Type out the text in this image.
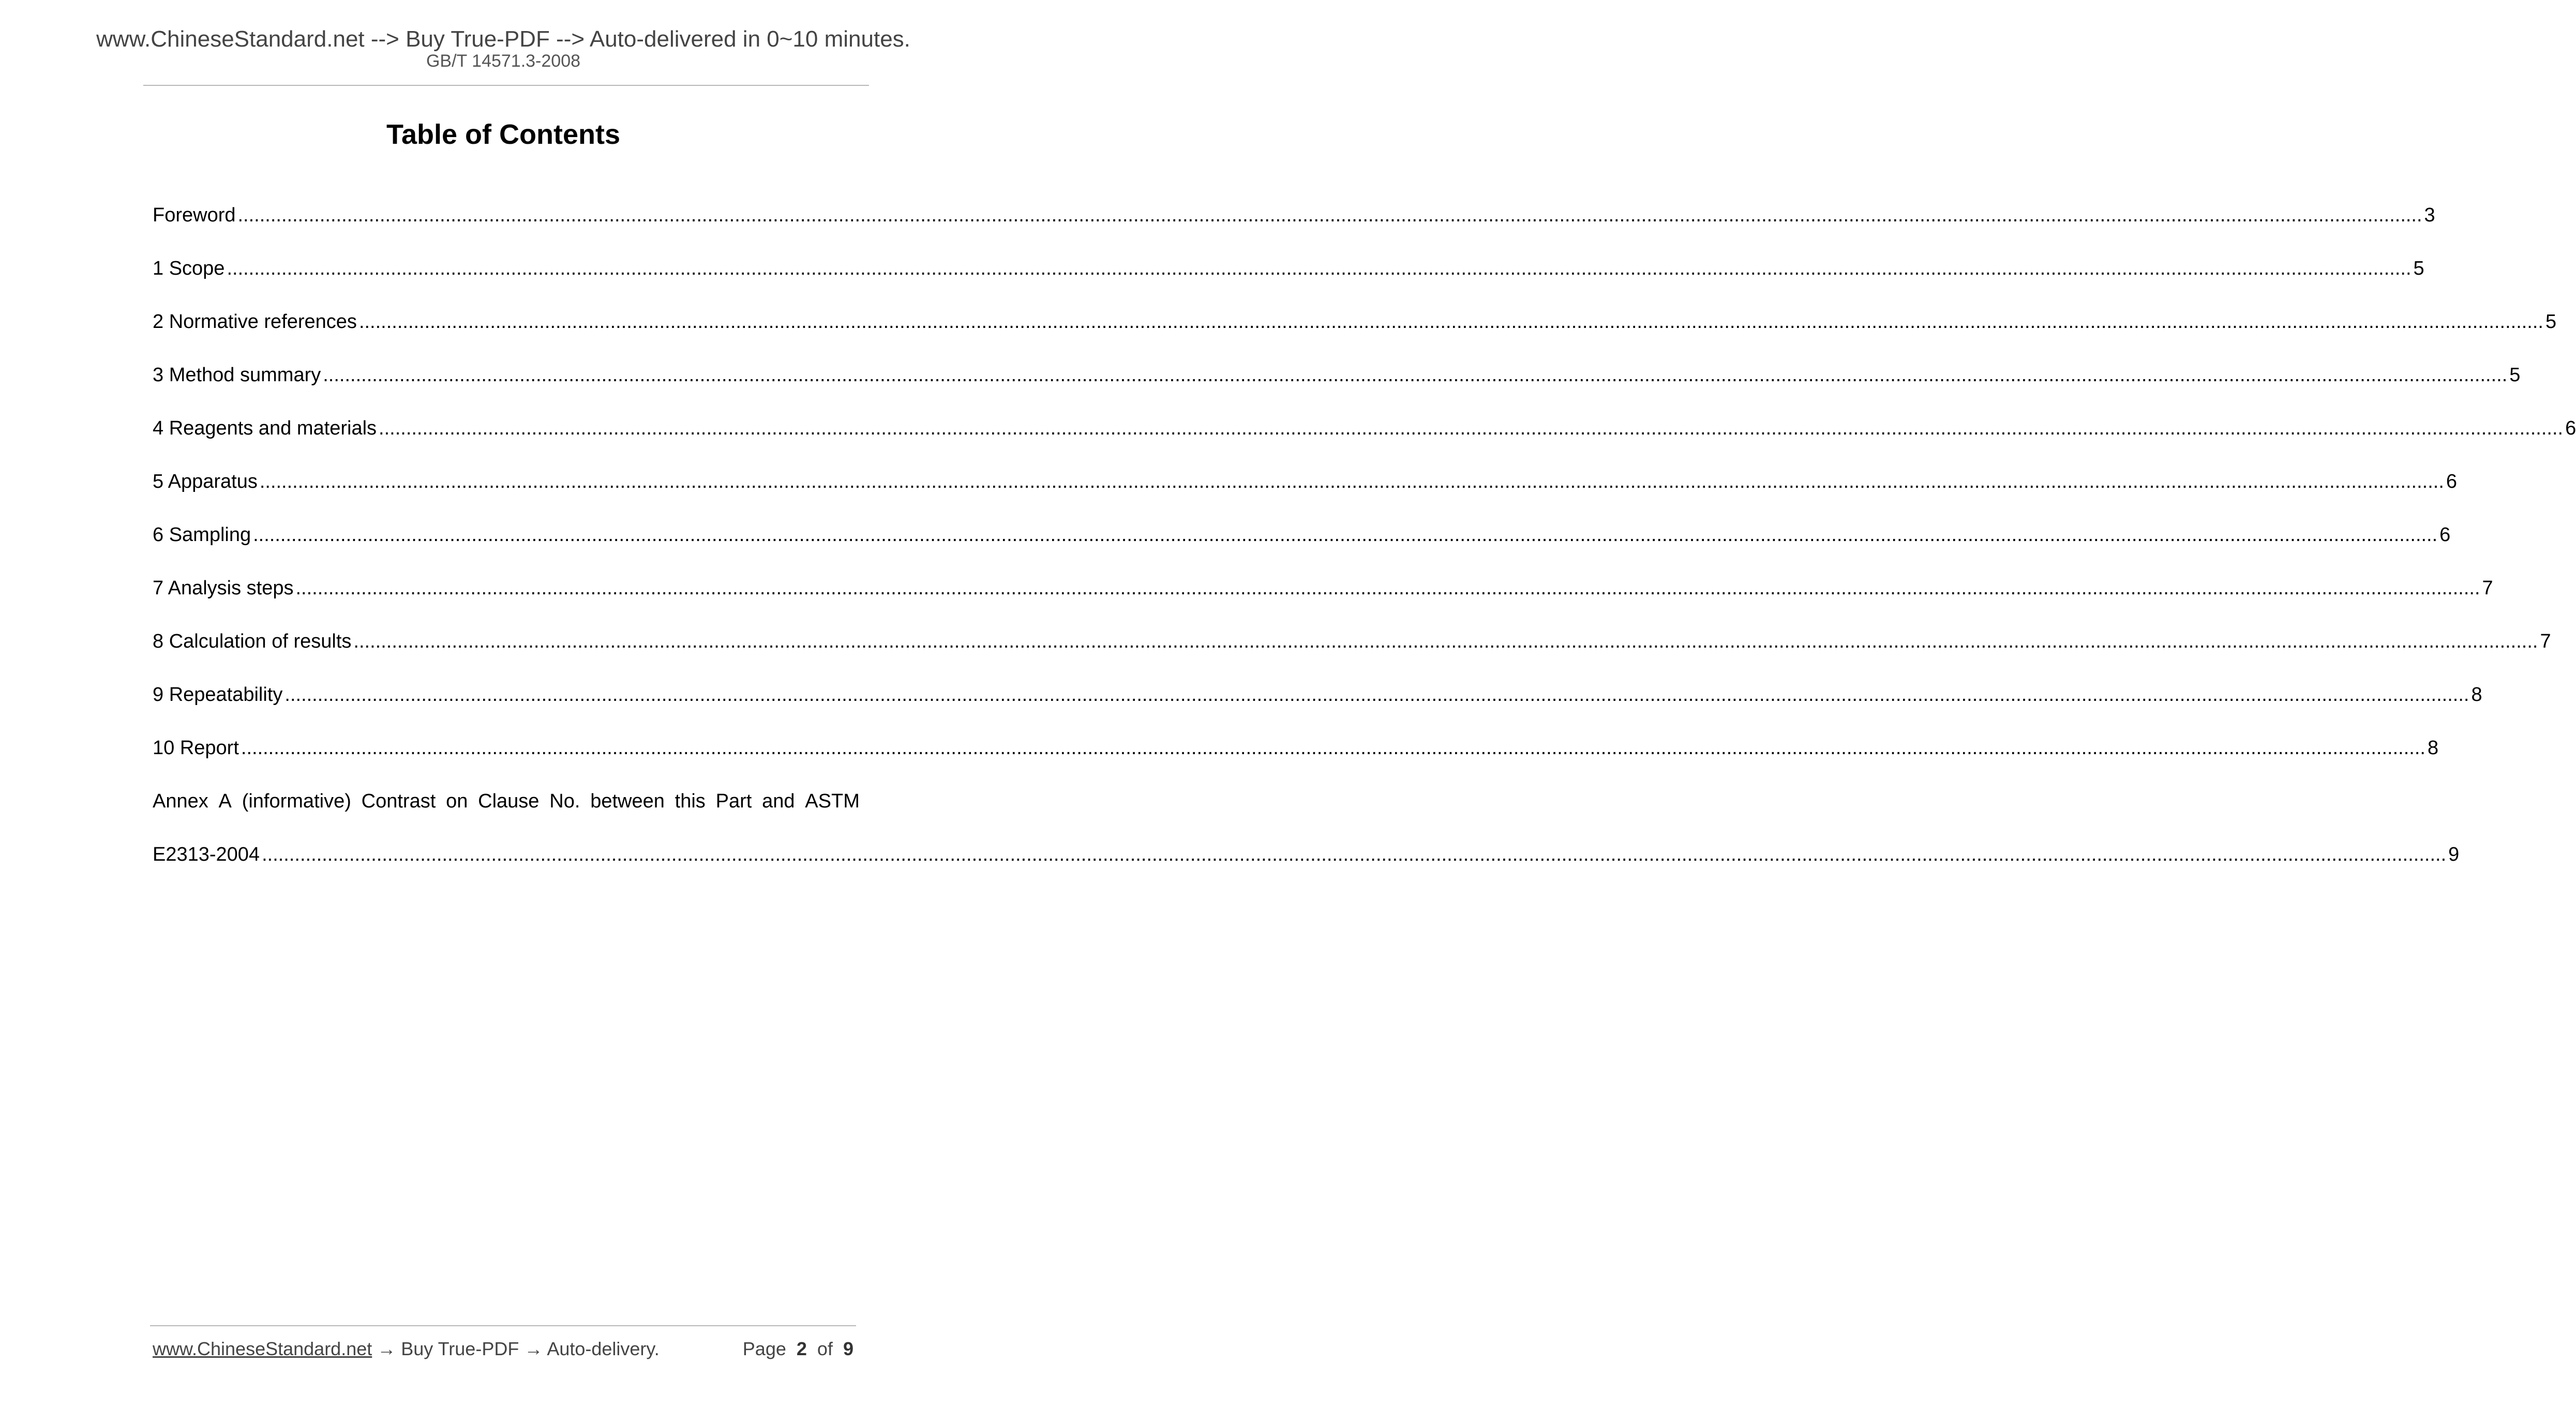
www.ChineseStandard.net --> Buy True-PDF --> Auto-delivered in 0~10 minutes.
GB/T 14571.3-2008
Table of Contents
Foreword ................................................................................................................................................................................................................................................................................................................................................................................................................ 3
1 Scope ................................................................................................................................................................................................................................................................................................................................................................................................................ 5
2 Normative references ................................................................................................................................................................................................................................................................................................................................................................................................................ 5
3 Method summary ................................................................................................................................................................................................................................................................................................................................................................................................................ 5
4 Reagents and materials ................................................................................................................................................................................................................................................................................................................................................................................................................ 6
5 Apparatus ................................................................................................................................................................................................................................................................................................................................................................................................................ 6
6 Sampling ................................................................................................................................................................................................................................................................................................................................................................................................................ 6
7 Analysis steps ................................................................................................................................................................................................................................................................................................................................................................................................................ 7
8 Calculation of results ................................................................................................................................................................................................................................................................................................................................................................................................................ 7
9 Repeatability ................................................................................................................................................................................................................................................................................................................................................................................................................ 8
10 Report ................................................................................................................................................................................................................................................................................................................................................................................................................ 8
Annex A (informative) Contrast on Clause No. between this Part and ASTM
E2313-2004 ................................................................................................................................................................................................................................................................................................................................................................................................................ 9
www.ChineseStandard.net → Buy True-PDF → Auto-delivery.	Page 2 of 9
